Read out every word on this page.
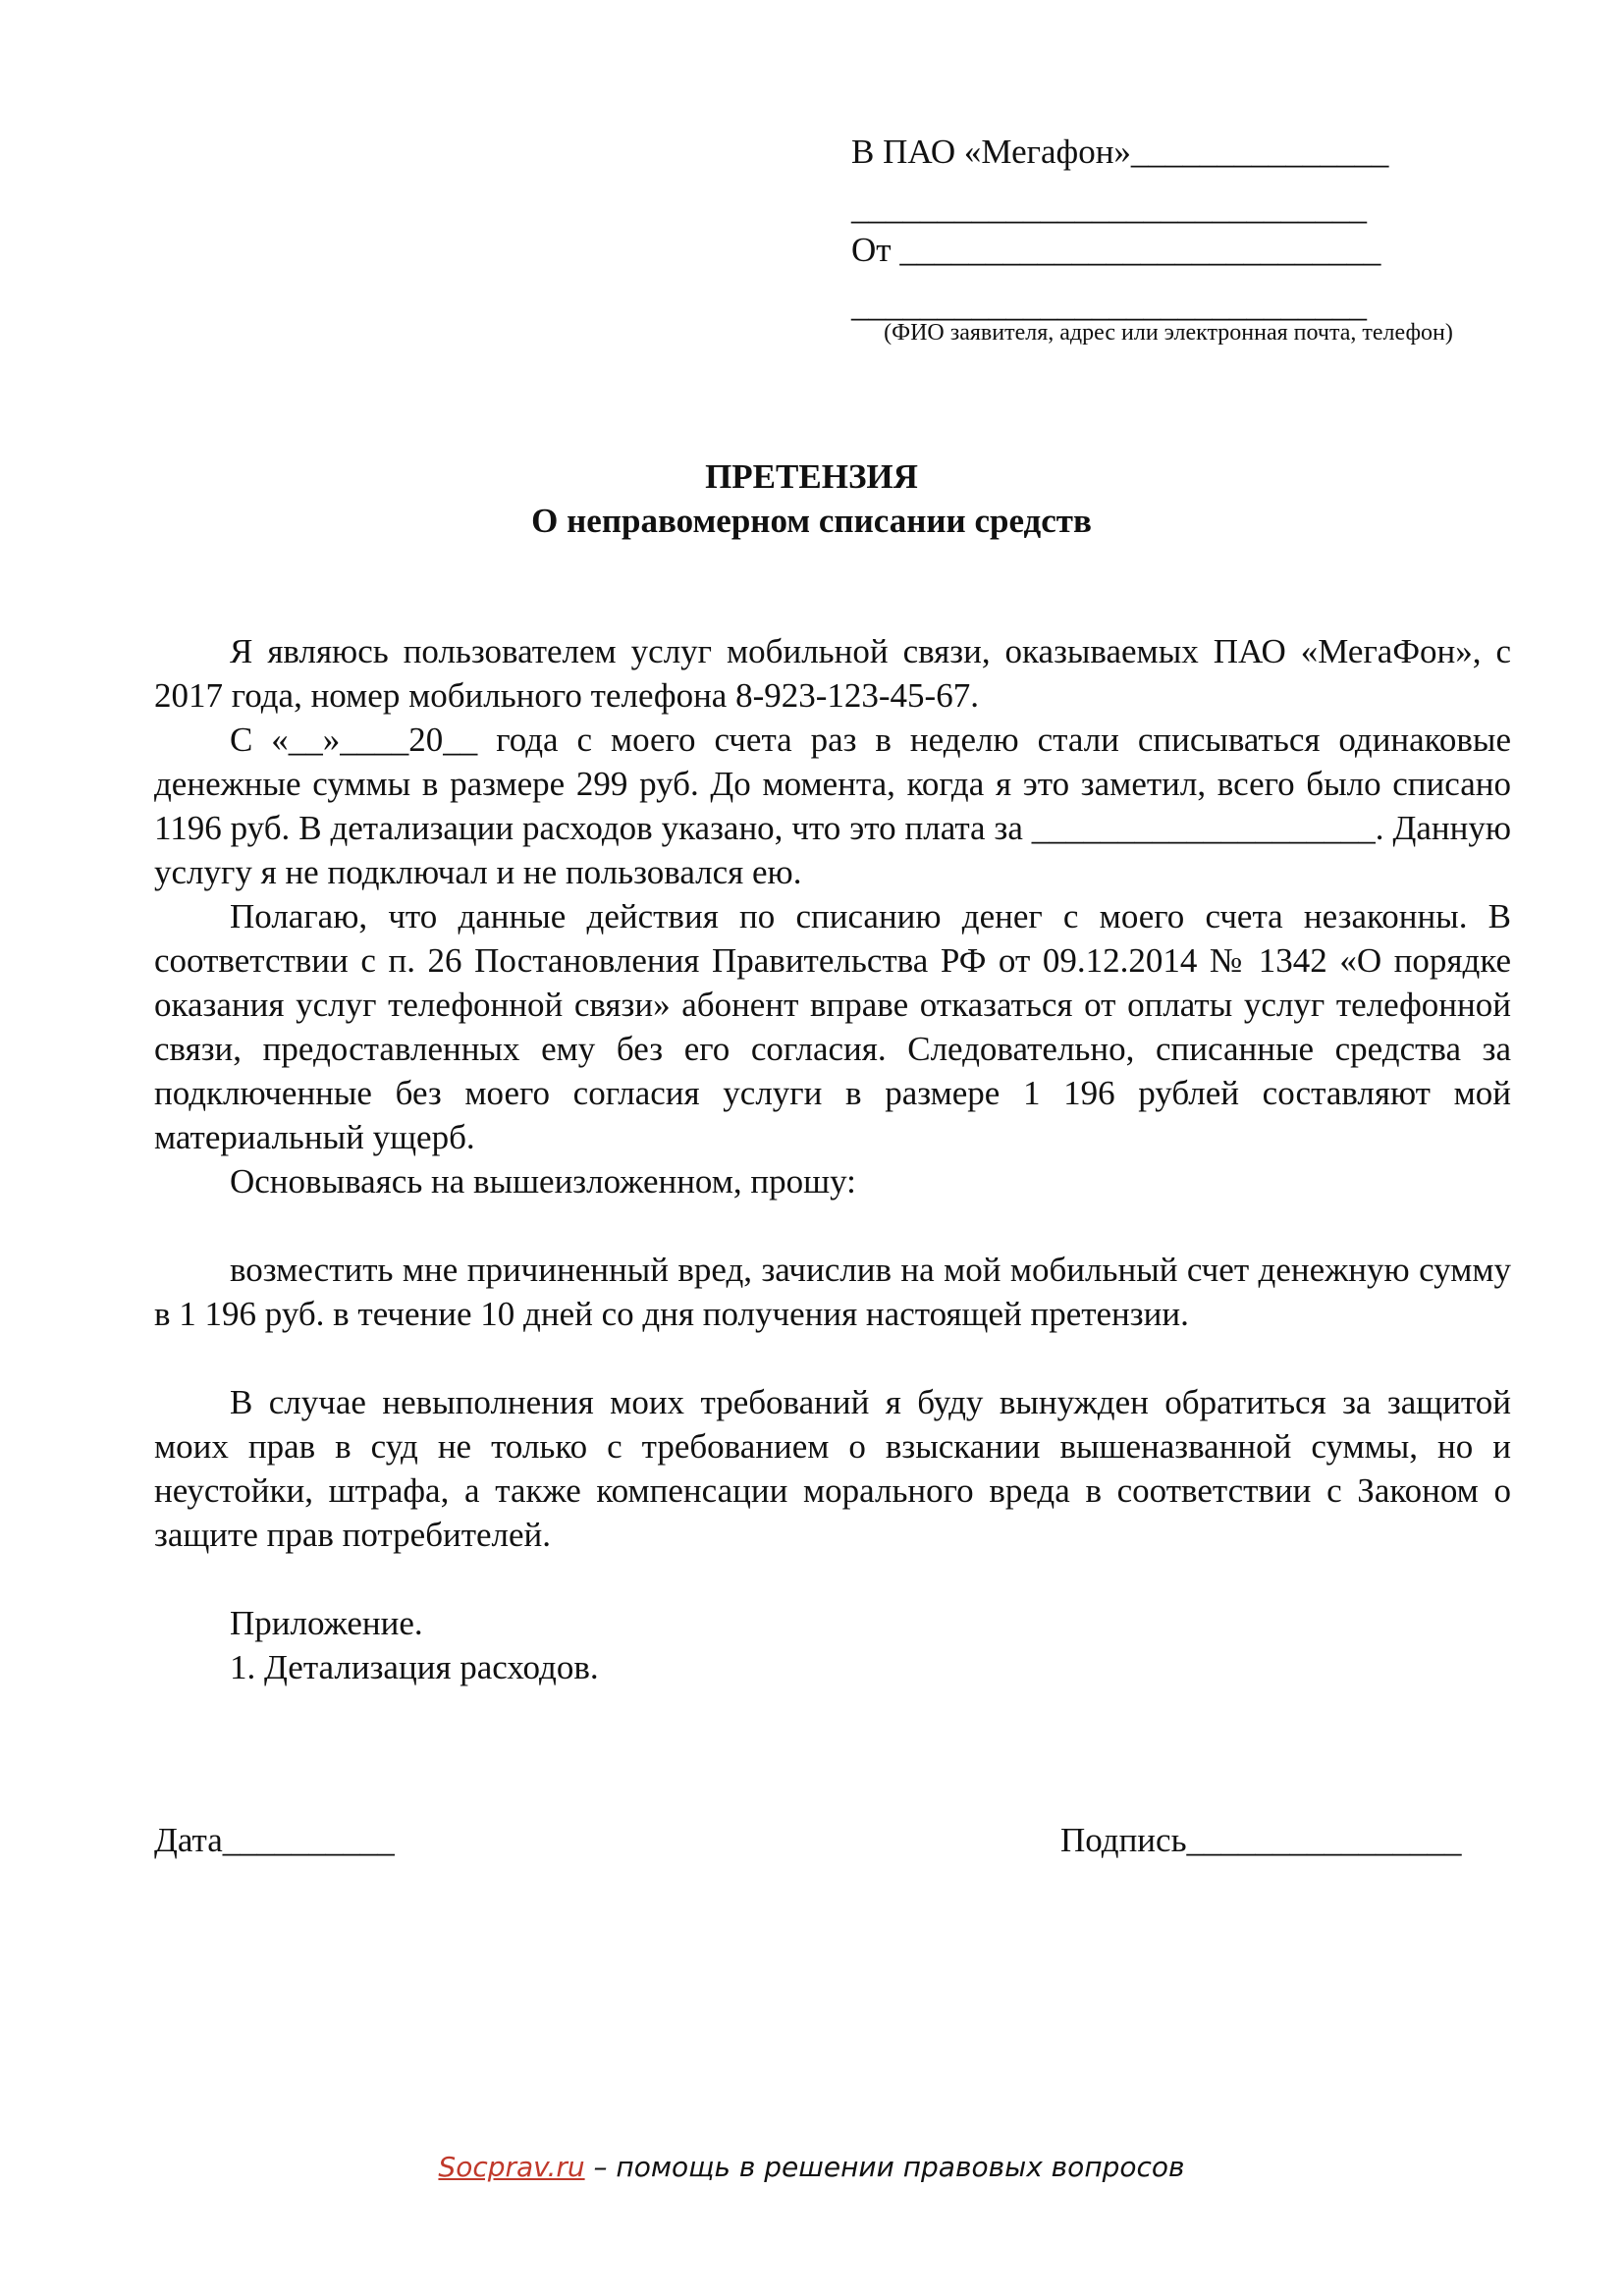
В ПАО «Мегафон»_______________
______________________________
От ____________________________
______________________________
(ФИО заявителя, адрес или электронная почта, телефон)
ПРЕТЕНЗИЯ
О неправомерном списании средств

Я являюсь пользователем услуг мобильной связи, оказываемых ПАО «МегаФон», с 2017 года, номер мобильного телефона 8-923-123-45-67.

С «__»____20__ года с моего счета раз в неделю стали списываться одинаковые денежные суммы в размере 299 руб. До момента, когда я это заметил, всего было списано 1196 руб. В детализации расходов указано, что это плата за ____________________. Данную услугу я не подключал и не пользовался ею.

Полагаю, что данные действия по списанию денег с моего счета незаконны. В соответствии с п. 26 Постановления Правительства РФ от 09.12.2014 № 1342 «О порядке оказания услуг телефонной связи» абонент вправе отказаться от оплаты услуг телефонной связи, предоставленных ему без его согласия. Следовательно, списанные средства за подключенные без моего согласия услуги в размере 1 196 рублей составляют мой материальный ущерб.

Основываясь на вышеизложенном, прошу:

возместить мне причиненный вред, зачислив на мой мобильный счет денежную сумму в 1 196 руб. в течение 10 дней со дня получения настоящей претензии.

В случае невыполнения моих требований я буду вынужден обратиться за защитой моих прав в суд не только с требованием о взыскании вышеназванной суммы, но и неустойки, штрафа, а также компенсации морального вреда в соответствии с Законом о защите прав потребителей.

Приложение.

1. Детализация расходов.

Дата__________	Подпись________________
Socprav.ru – помощь в решении правовых вопросов
